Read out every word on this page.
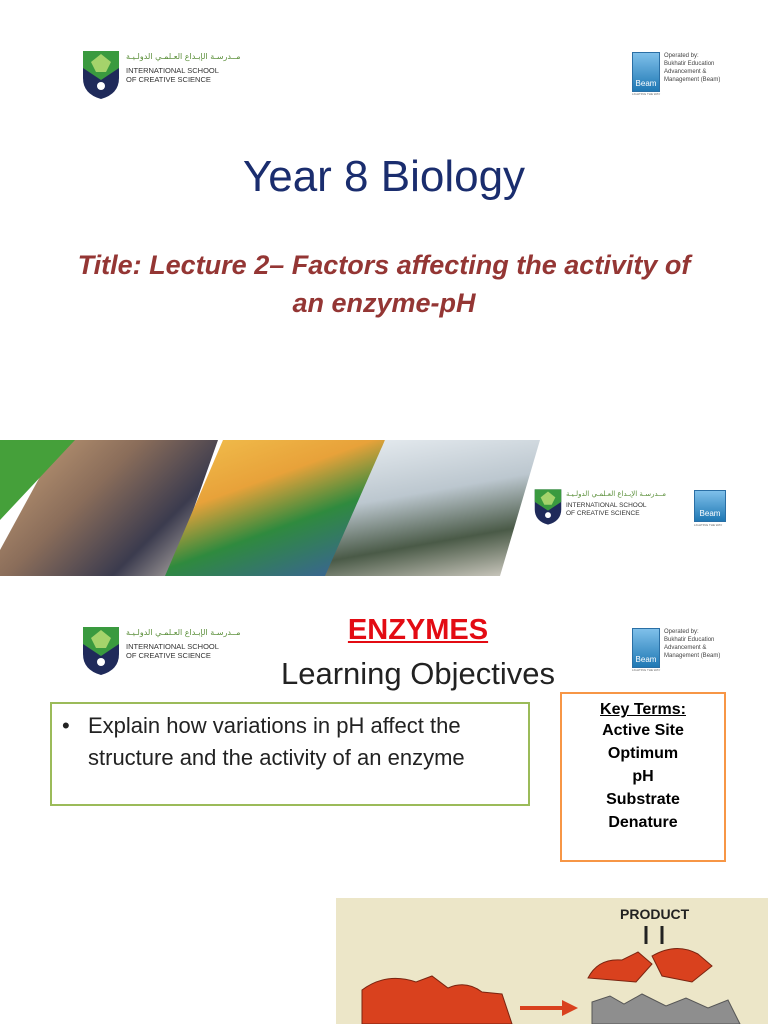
مــدرسـة الإبـداع العـلمـي الدولـيـة
INTERNATIONAL SCHOOL
OF CREATIVE SCIENCE	Beam
Operated by:
Bukhatir Education
Advancement &
Management (Beam)
LIGHTING THE WAY
Year 8 Biology
Title: Lecture 2– Factors affecting the activity of
an enzyme-pH
مــدرسـة الإبـداع العـلمـي الدولـيـة
INTERNATIONAL SCHOOL
OF CREATIVE SCIENCE	Beam
LIGHTING THE WAY
مــدرسـة الإبـداع العـلمـي الدولـيـة
INTERNATIONAL SCHOOL
OF CREATIVE SCIENCE	Beam
Operated by:
Bukhatir Education
Advancement &
Management (Beam)
LIGHTING THE WAY
ENZYMES
Learning Objectives
• Explain how variations in pH affect the
structure and the activity of an enzyme
Key Terms:
Active Site
Optimum
pH
Substrate
Denature
PRODUCT
